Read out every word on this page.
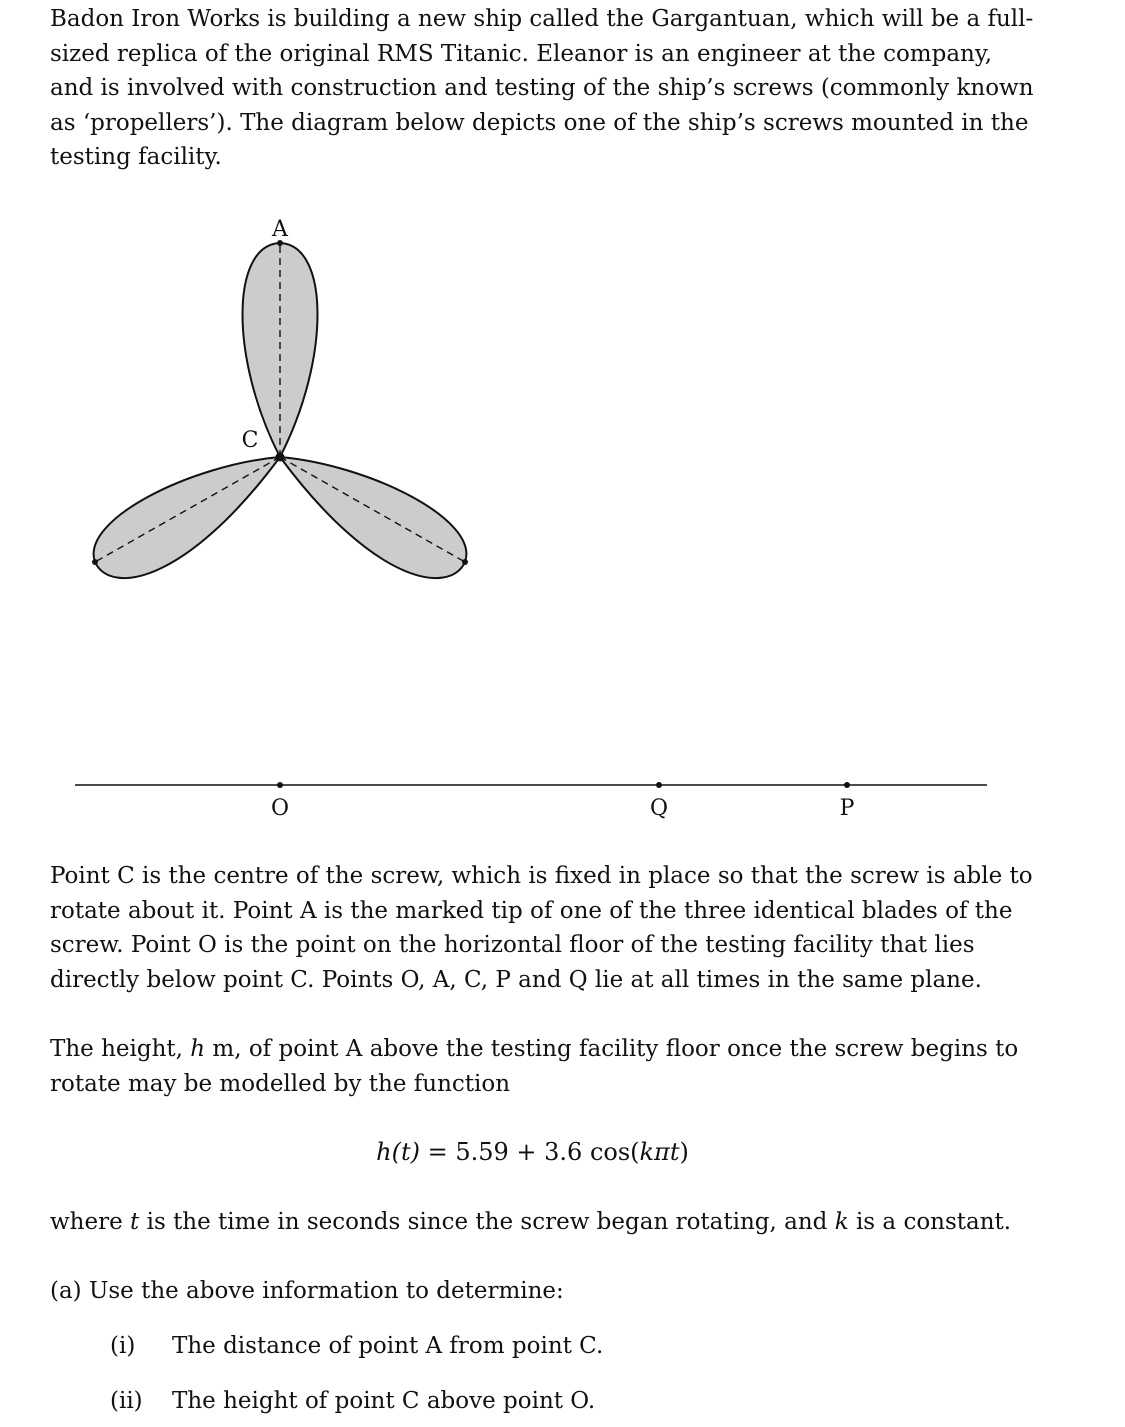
Badon Iron Works is building a new ship called the Gargantuan, which will be a full-sized replica of the original RMS Titanic. Eleanor is an engineer at the company, and is involved with construction and testing of the ship’s screws (commonly known as ‘propellers’). The diagram below depicts one of the ship’s screws mounted in the testing facility.

A
C
O	Q	P

Point C is the centre of the screw, which is fixed in place so that the screw is able to rotate about it. Point A is the marked tip of one of the three identical blades of the screw. Point O is the point on the horizontal floor of the testing facility that lies directly below point C. Points O, A, C, P and Q lie at all times in the same plane.

The height, h m, of point A above the testing facility floor once the screw begins to rotate may be modelled by the function

h(t) = 5.59 + 3.6 cos(kπt)

where t is the time in seconds since the screw began rotating, and k is a constant.

(a) Use the above information to determine:

(i) The distance of point A from point C.
(ii) The height of point C above point O.
